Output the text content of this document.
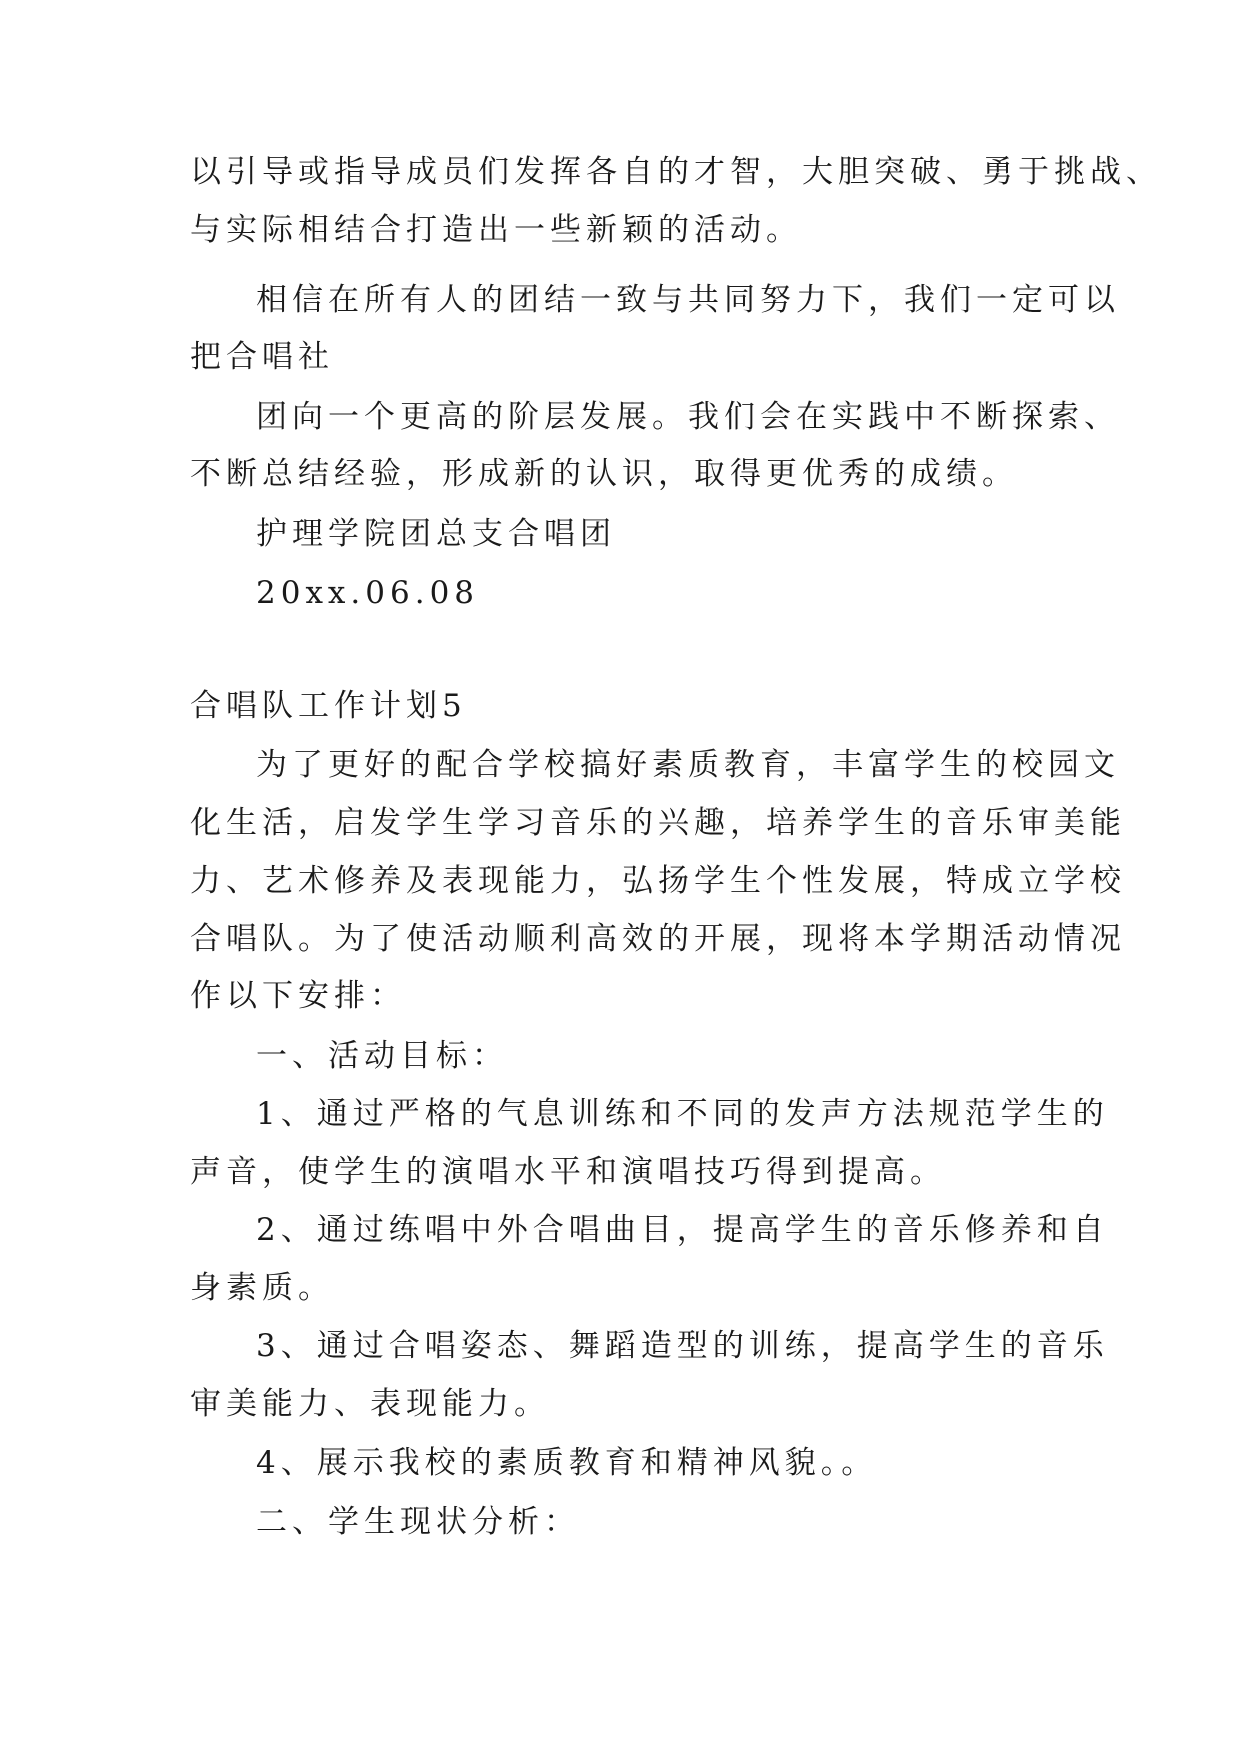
以引导或指导成员们发挥各自的才智，大胆突破、勇于挑战、
与实际相结合打造出一些新颖的活动。
相信在所有人的团结一致与共同努力下，我们一定可以
把合唱社
团向一个更高的阶层发展。我们会在实践中不断探索、
不断总结经验，形成新的认识，取得更优秀的成绩。
护理学院团总支合唱团
20xx.06.08
合唱队工作计划5
为了更好的配合学校搞好素质教育，丰富学生的校园文
化生活，启发学生学习音乐的兴趣，培养学生的音乐审美能
力、艺术修养及表现能力，弘扬学生个性发展，特成立学校
合唱队。为了使活动顺利高效的开展，现将本学期活动情况
作以下安排：
一、活动目标：
1、通过严格的气息训练和不同的发声方法规范学生的
声音，使学生的演唱水平和演唱技巧得到提高。
2、通过练唱中外合唱曲目，提高学生的音乐修养和自
身素质。
3、通过合唱姿态、舞蹈造型的训练，提高学生的音乐
审美能力、表现能力。
4、展示我校的素质教育和精神风貌。。
二、学生现状分析：
